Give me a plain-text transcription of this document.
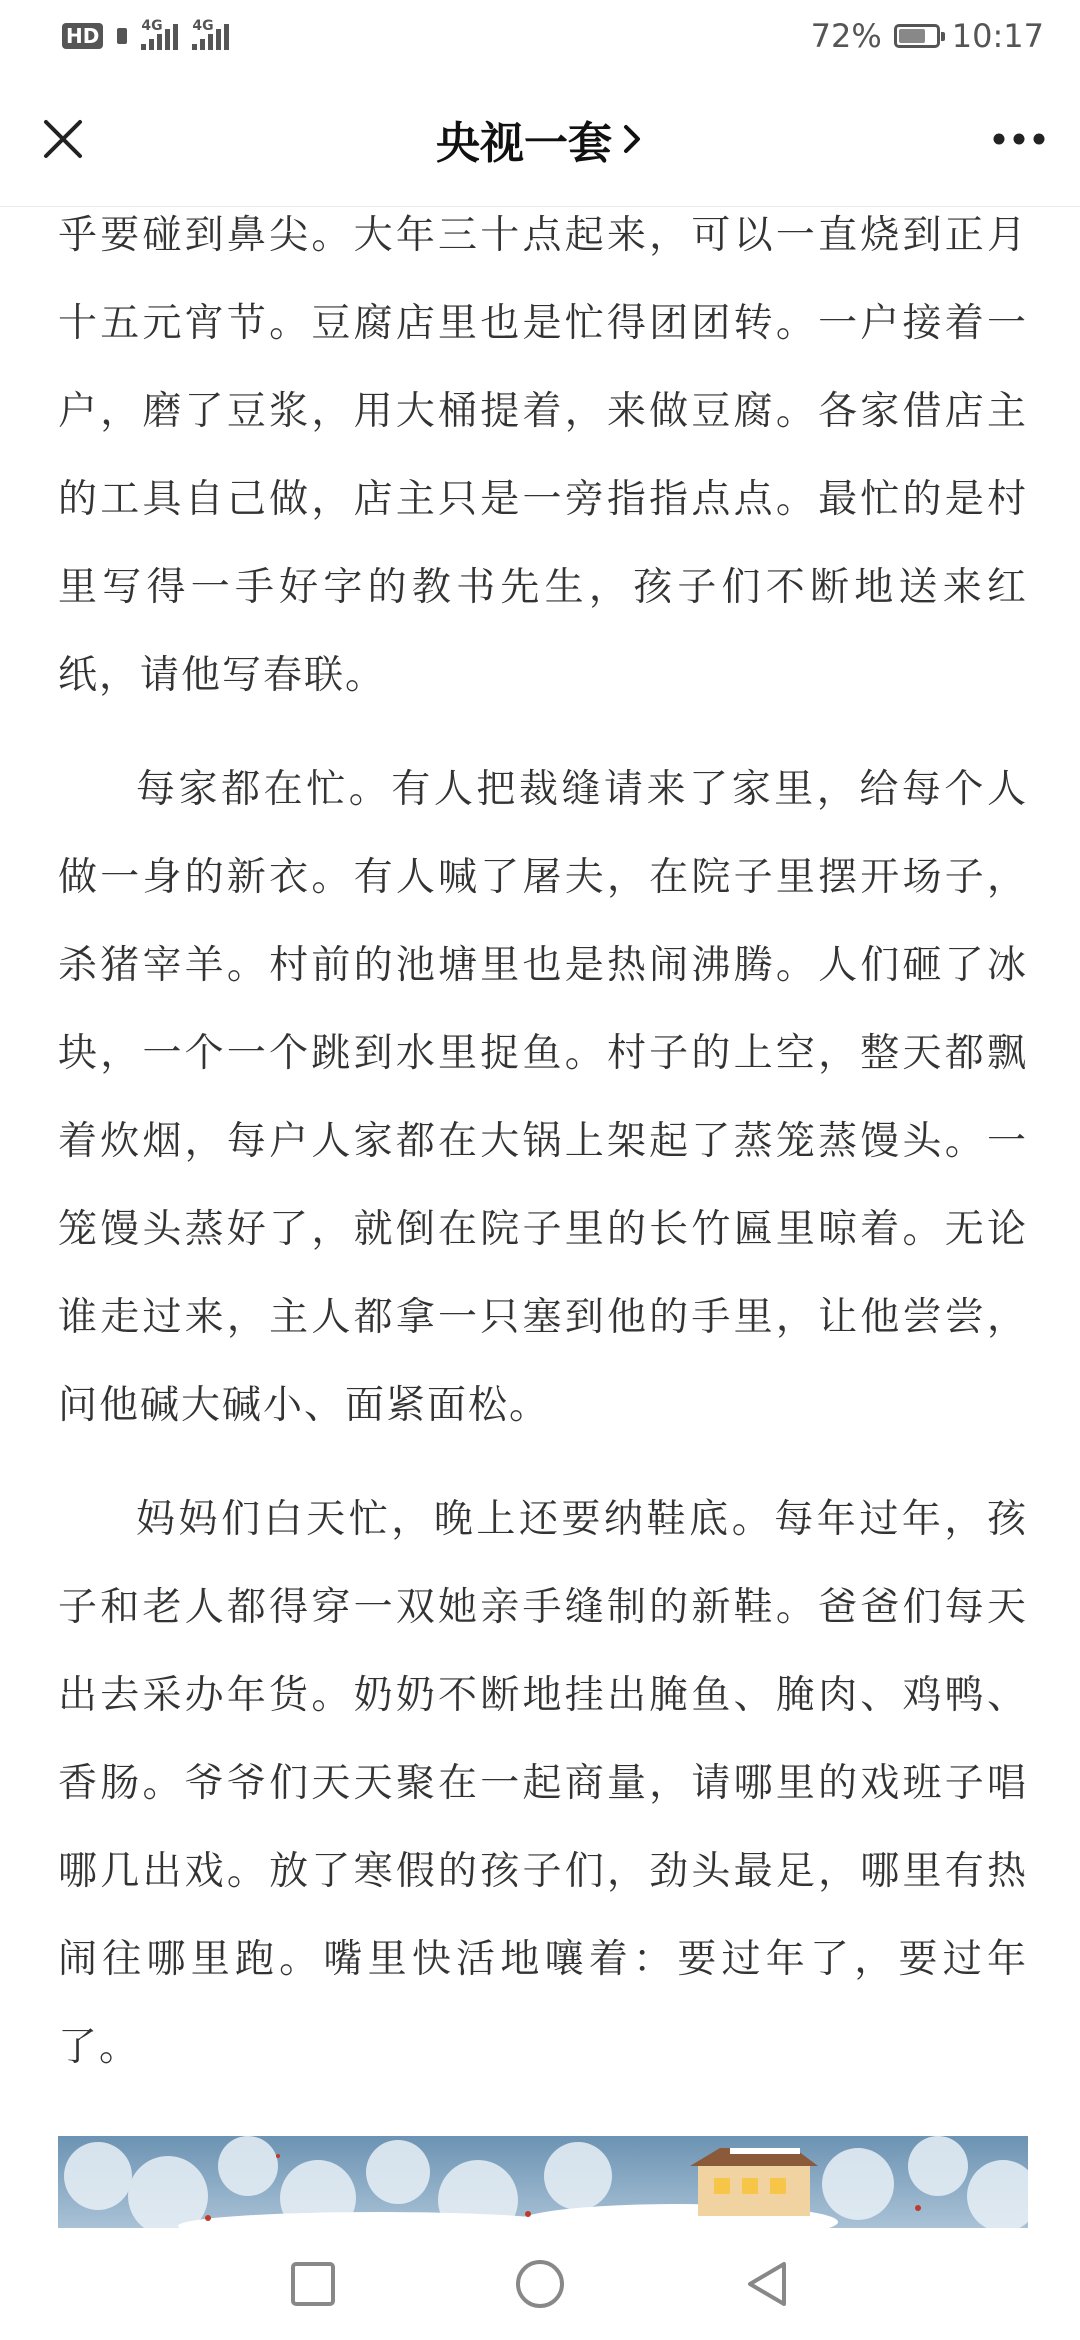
HD	4G 4G	72% 10:17
央视一套

乎要碰到鼻尖。大年三十点起来，可以一直烧到正月十五元宵节。豆腐店里也是忙得团团转。一户接着一户，磨了豆浆，用大桶提着，来做豆腐。各家借店主的工具自己做，店主只是一旁指指点点。最忙的是村里写得一手好字的教书先生，孩子们不断地送来红纸，请他写春联。

每家都在忙。有人把裁缝请来了家里，给每个人做一身的新衣。有人喊了屠夫，在院子里摆开场子，杀猪宰羊。村前的池塘里也是热闹沸腾。人们砸了冰块，一个一个跳到水里捉鱼。村子的上空，整天都飘着炊烟，每户人家都在大锅上架起了蒸笼蒸馒头。一笼馒头蒸好了，就倒在院子里的长竹匾里晾着。无论谁走过来，主人都拿一只塞到他的手里，让他尝尝，问他碱大碱小、面紧面松。

妈妈们白天忙，晚上还要纳鞋底。每年过年，孩子和老人都得穿一双她亲手缝制的新鞋。爸爸们每天出去采办年货。奶奶不断地挂出腌鱼、腌肉、鸡鸭、香肠。爷爷们天天聚在一起商量，请哪里的戏班子唱哪几出戏。放了寒假的孩子们，劲头最足，哪里有热闹往哪里跑。嘴里快活地嚷着：要过年了，要过年了。
